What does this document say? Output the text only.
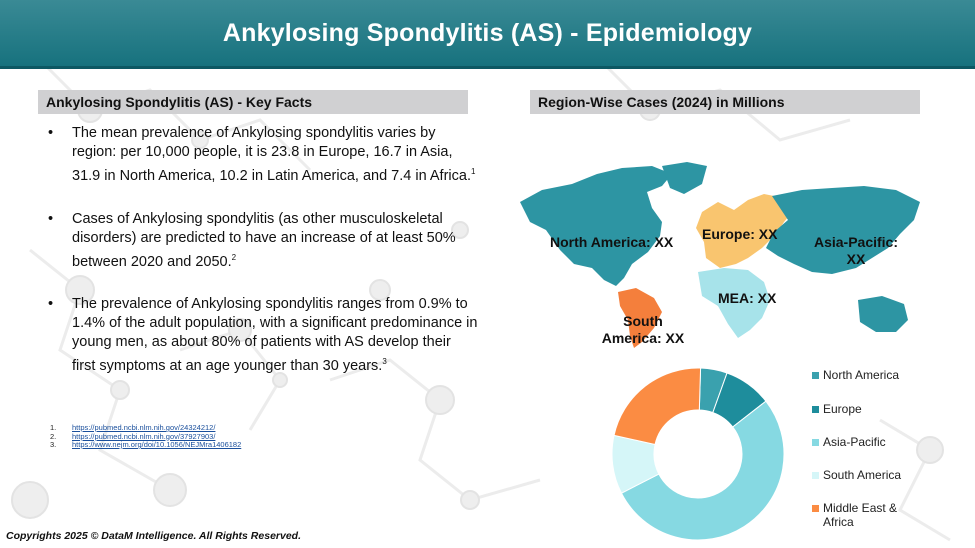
Ankylosing Spondylitis (AS) - Epidemiology
Ankylosing Spondylitis (AS) - Key Facts	Region-Wise Cases (2024) in Millions
• The mean prevalence of Ankylosing spondylitis varies by region: per 10,000 people, it is 23.8 in Europe, 16.7 in Asia, 31.9 in North America, 10.2 in Latin America, and 7.4 in Africa.$^1$
• Cases of Ankylosing spondylitis (as other musculoskeletal disorders) are predicted to have an increase of at least 50% between 2020 and 2050.$^2$
• The prevalence of Ankylosing spondylitis ranges from 0.9% to 1.4% of the adult population, with a significant predominance in young men, as about 80% of patients with AS develop their first symptoms at an age younger than 30 years.$^3$
1.	https://pubmed.ncbi.nlm.nih.gov/24324212/
2.	https://pubmed.ncbi.nlm.nih.gov/37927903/
3.	https://www.nejm.org/doi/10.1056/NEJMra1406182
North America: XX Europe: XX	Asia-Pacific: XX
MEA: XX
South America: XX
North America
Europe
Asia-Pacific
South America
Middle East & Africa
Copyrights 2025 © DataM Intelligence. All Rights Reserved.
